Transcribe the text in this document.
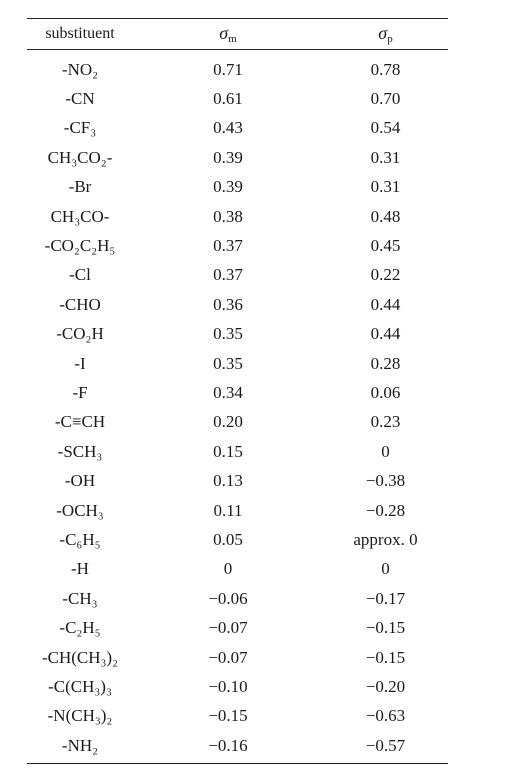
substituent	σm	σp
-NO₂	0.71	0.78
-CN	0.61	0.70
-CF₃	0.43	0.54
CH₃CO₂-	0.39	0.31
-Br	0.39	0.31
CH₃CO-	0.38	0.48
-CO₂C₂H₅	0.37	0.45
-Cl	0.37	0.22
-CHO	0.36	0.44
-CO₂H	0.35	0.44
-I	0.35	0.28
-F	0.34	0.06
-C≡CH	0.20	0.23
-SCH₃	0.15	0
-OH	0.13	−0.38
-OCH₃	0.11	−0.28
-C₆H₅	0.05	approx. 0
-H	0	0
-CH₃	−0.06	−0.17
-C₂H₅	−0.07	−0.15
-CH(CH₃)₂	−0.07	−0.15
-C(CH₃)₃	−0.10	−0.20
-N(CH₃)₂	−0.15	−0.63
-NH₂	−0.16	−0.57
